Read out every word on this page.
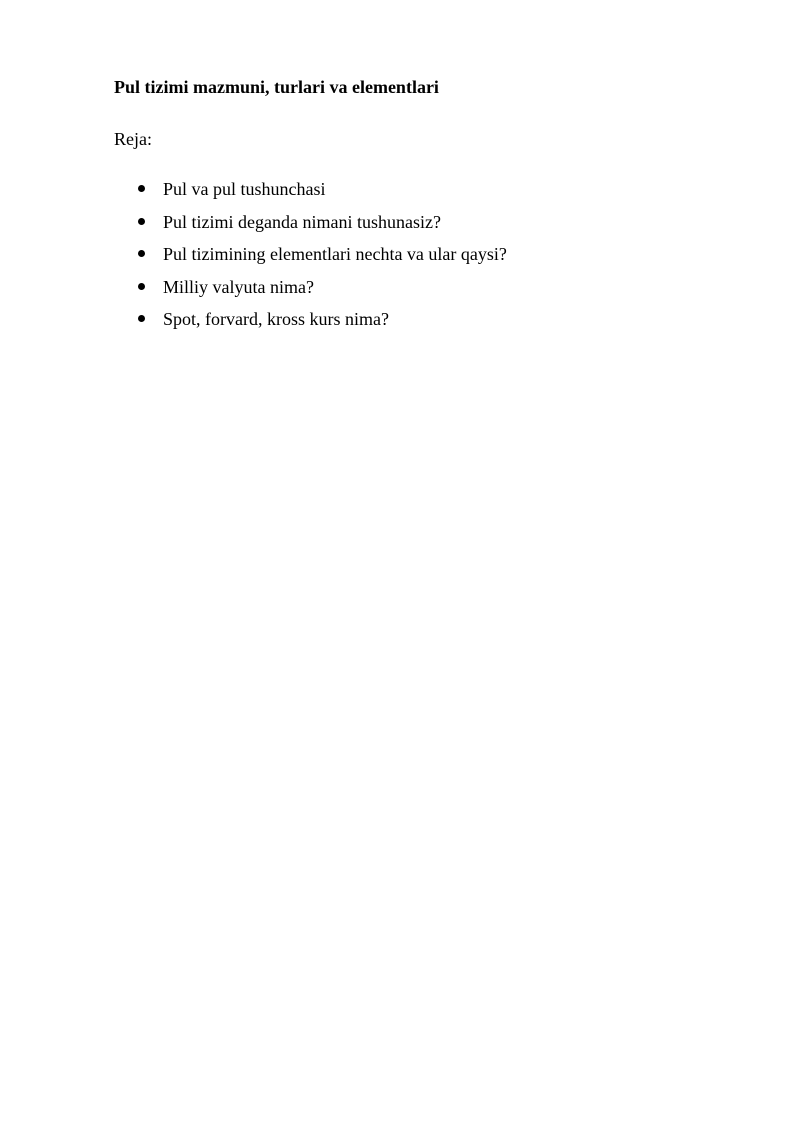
Pul tizimi mazmuni, turlari va elementlari

Reja:

Pul va pul tushunchasi
Pul tizimi deganda nimani tushunasiz?
Pul tizimining elementlari nechta va ular qaysi?
Milliy valyuta nima?
Spot, forvard, kross kurs nima?
